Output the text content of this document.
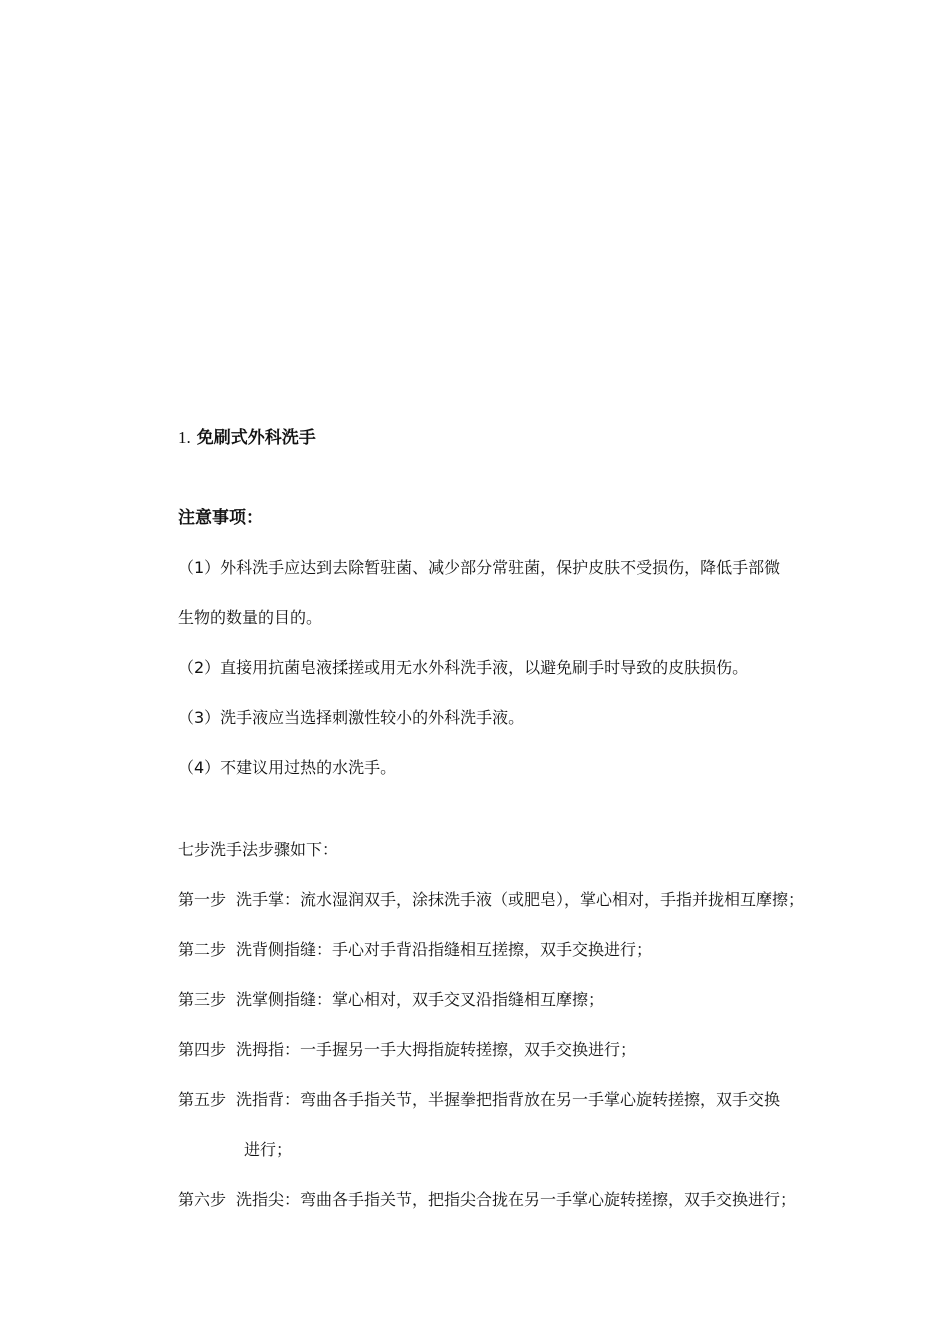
1. 免刷式外科洗手
注意事项：
（1）外科洗手应达到去除暂驻菌、减少部分常驻菌，保护皮肤不受损伤，降低手部微
生物的数量的目的。
（2）直接用抗菌皂液揉搓或用无水外科洗手液，以避免刷手时导致的皮肤损伤。
（3）洗手液应当选择刺激性较小的外科洗手液。
（4）不建议用过热的水洗手。
七步洗手法步骤如下：
第一步 洗手掌：流水湿润双手，涂抹洗手液（或肥皂），掌心相对，手指并拢相互摩擦；
第二步 洗背侧指缝：手心对手背沿指缝相互搓擦，双手交换进行；
第三步 洗掌侧指缝：掌心相对，双手交叉沿指缝相互摩擦；
第四步 洗拇指：一手握另一手大拇指旋转搓擦，双手交换进行；
第五步 洗指背：弯曲各手指关节，半握拳把指背放在另一手掌心旋转搓擦，双手交换
进行；
第六步 洗指尖：弯曲各手指关节，把指尖合拢在另一手掌心旋转搓擦，双手交换进行；
